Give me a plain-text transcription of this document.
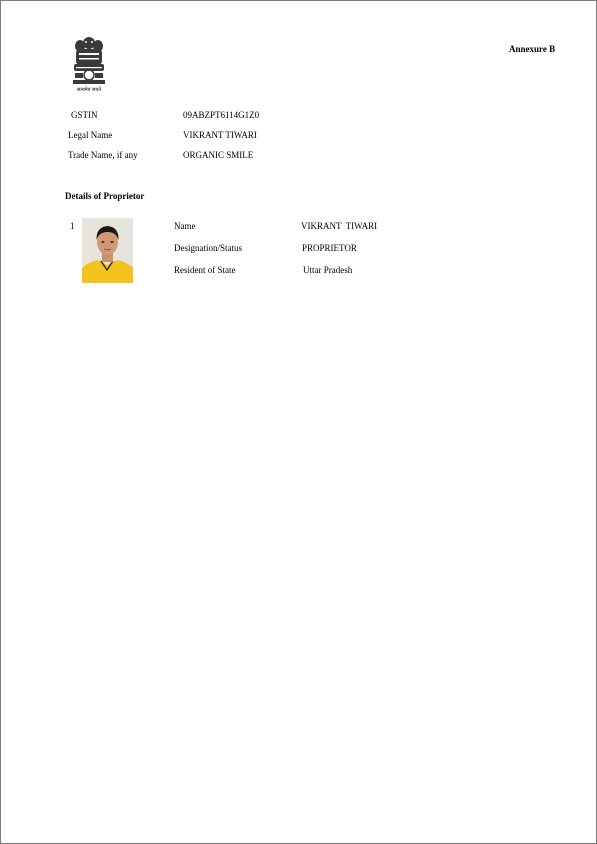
सत्यमेव जयते
Annexure B
GSTIN	09ABZPT6114G1Z0
Legal Name	VIKRANT TIWARI
Trade Name, if any	ORGANIC SMILE
Details of Proprietor
1	Name	VIKRANT  TIWARI
Designation/Status	PROPRIETOR
Resident of State	Uttar Pradesh
